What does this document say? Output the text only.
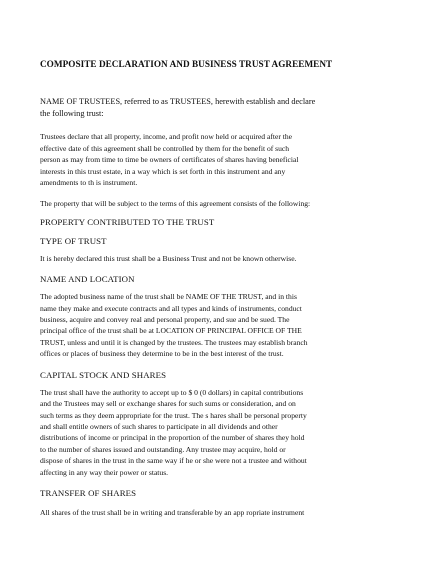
COMPOSITE DECLARATION AND BUSINESS TRUST AGREEMENT
NAME OF TRUSTEES, referred to as TRUSTEES, herewith establish and declare
the following trust:
Trustees declare that all property, income, and profit now held or acquired after the
effective date of this agreement shall be controlled by them for the benefit of such
person as may from time to time be owners of certificates of shares having beneficial
interests in this trust estate, in a way which is set forth in this instrument and any
amendments to th is instrument.
The property that will be subject to the terms of this agreement consists of the following:
PROPERTY CONTRIBUTED TO THE TRUST
TYPE OF TRUST
It is hereby declared this trust shall be a Business Trust and not be known otherwise.
NAME AND LOCATION
The adopted business name of the trust shall be NAME OF THE TRUST, and in this
name they make and execute contracts and all types and kinds of instruments, conduct
business, acquire and convey real and personal property, and sue and be sued. The
principal office of the trust shall be at LOCATION OF PRINCIPAL OFFICE OF THE
TRUST, unless and until it is changed by the trustees. The trustees may establish branch
offices or places of business they determine to be in the best interest of the trust.
CAPITAL STOCK AND SHARES
The trust shall have the authority to accept up to $ 0 (0 dollars) in capital contributions
and the Trustees may sell or exchange shares for such sums or consideration, and on
such terms as they deem appropriate for the trust. The s hares shall be personal property
and shall entitle owners of such shares to participate in all dividends and other
distributions of income or principal in the proportion of the number of shares they hold
to the number of shares issued and outstanding. Any trustee may acquire, hold or
dispose of shares in the trust in the same way if he or she were not a trustee and without
affecting in any way their power or status.
TRANSFER OF SHARES
All shares of the trust shall be in writing and transferable by an app ropriate instrument
